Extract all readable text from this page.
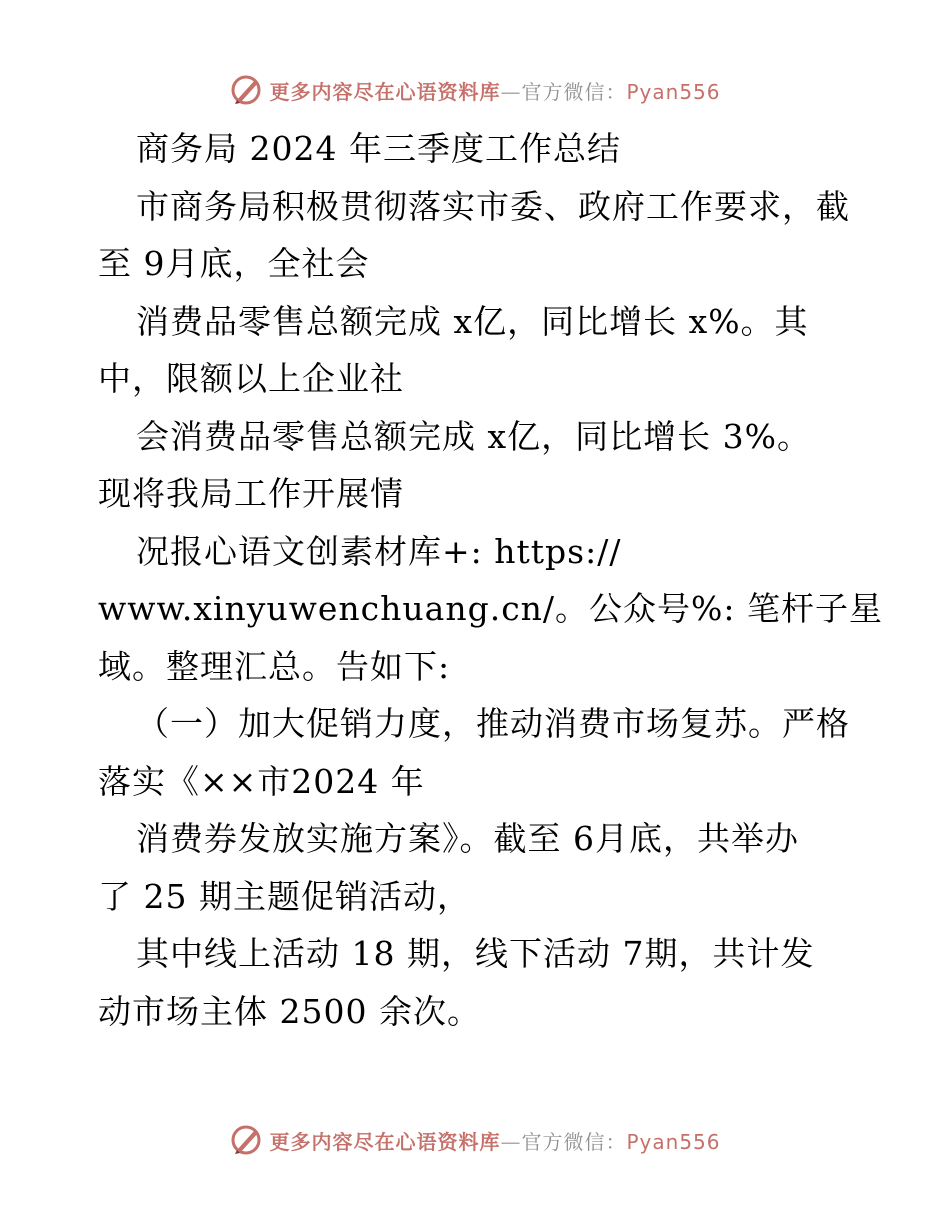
更多内容尽在心语资料库—官方微信：Pyan556
商务局 2024 年三季度工作总结
市商务局积极贯彻落实市委、政府工作要求，截
至 9月底，全社会
消费品零售总额完成 x亿，同比增长 x%。其
中，限额以上企业社
会消费品零售总额完成 x亿，同比增长 3%。
现将我局工作开展情
况报心语文创素材库+: https://
www.xinyuwenchuang.cn/。公众号%: 笔杆子星
域。整理汇总。告如下:
（一）加大促销力度，推动消费市场复苏。严格
落实《××市2024 年
消费券发放实施方案》。截至 6月底，共举办
了 25 期主题促销活动，
其中线上活动 18 期，线下活动 7期，共计发
动市场主体 2500 余次。
更多内容尽在心语资料库—官方微信：Pyan556
